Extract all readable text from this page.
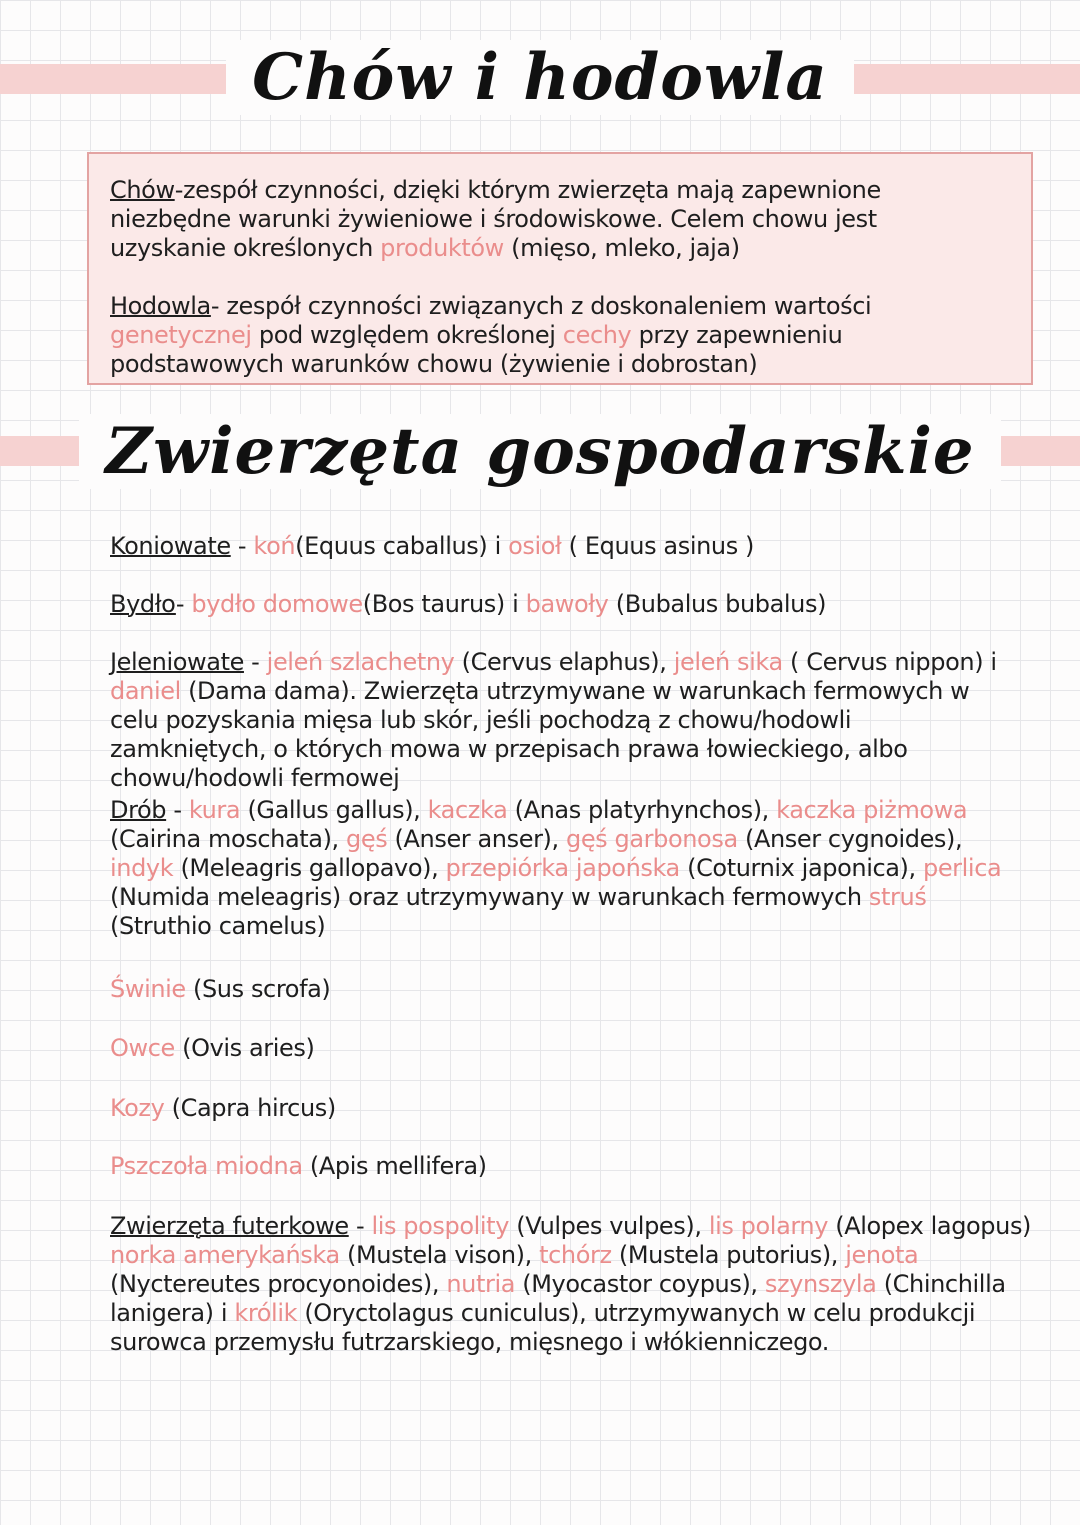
Chów i hodowla

Chów-zespół czynności, dzięki którym zwierzęta mają zapewnione niezbędne warunki żywieniowe i środowiskowe. Celem chowu jest uzyskanie określonych produktów (mięso, mleko, jaja)

Hodowla- zespół czynności związanych z doskonaleniem wartości genetycznej pod względem określonej cechy przy zapewnieniu podstawowych warunków chowu (żywienie i dobrostan)

Zwierzęta gospodarskie

Koniowate - koń(Equus caballus) i osioł ( Equus asinus )

Bydło- bydło domowe(Bos taurus) i bawoły (Bubalus bubalus)

Jeleniowate - jeleń szlachetny (Cervus elaphus), jeleń sika ( Cervus nippon) i daniel (Dama dama). Zwierzęta utrzymywane w warunkach fermowych w celu pozyskania mięsa lub skór, jeśli pochodzą z chowu/hodowli zamkniętych, o których mowa w przepisach prawa łowieckiego, albo chowu/hodowli fermowej

Drób - kura (Gallus gallus), kaczka (Anas platyrhynchos), kaczka piżmowa (Cairina moschata), gęś (Anser anser), gęś garbonosa (Anser cygnoides), indyk (Meleagris gallopavo), przepiórka japońska (Coturnix japonica), perlica (Numida meleagris) oraz utrzymywany w warunkach fermowych struś (Struthio camelus)

Świnie (Sus scrofa)

Owce (Ovis aries)

Kozy (Capra hircus)

Pszczoła miodna (Apis mellifera)

Zwierzęta futerkowe - lis pospolity (Vulpes vulpes), lis polarny (Alopex lagopus) norka amerykańska (Mustela vison), tchórz (Mustela putorius), jenota (Nyctereutes procyonoides), nutria (Myocastor coypus), szynszyla (Chinchilla lanigera) i królik (Oryctolagus cuniculus), utrzymywanych w celu produkcji surowca przemysłu futrzarskiego, mięsnego i włókienniczego.
